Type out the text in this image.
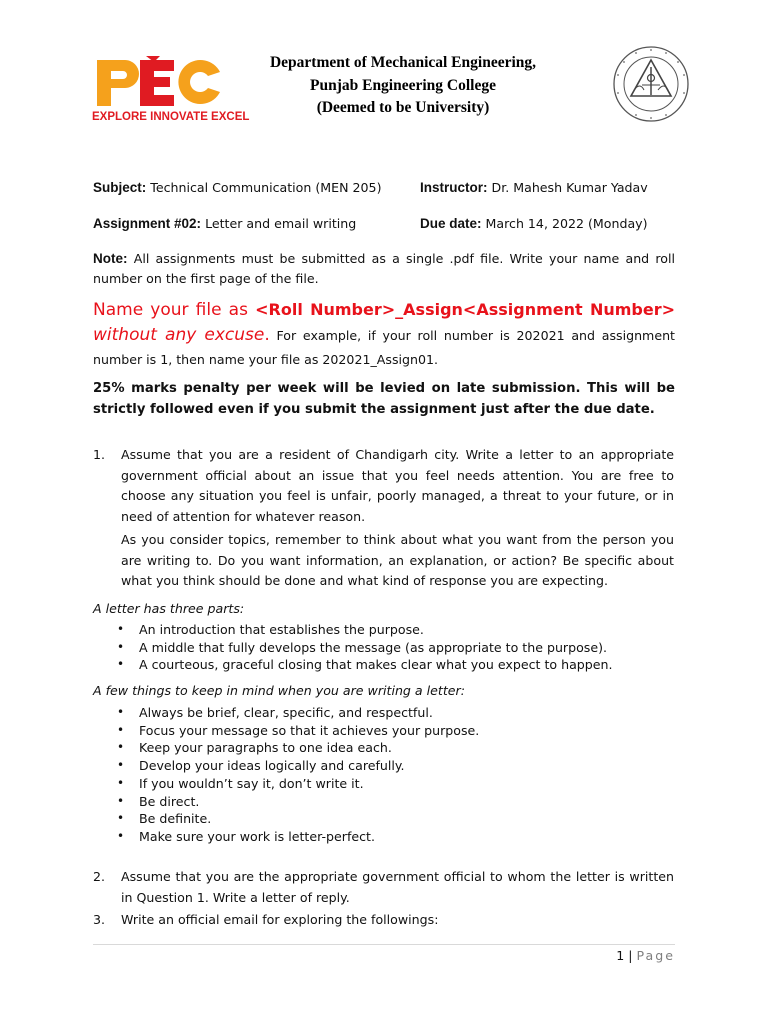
EXPLORE INNOVATE EXCEL
Department of Mechanical Engineering,
Punjab Engineering College
(Deemed to be University)
Subject: Technical Communication (MEN 205)	Instructor: Dr. Mahesh Kumar Yadav
Assignment #02: Letter and email writing	Due date: March 14, 2022 (Monday)
Note: All assignments must be submitted as a single .pdf file. Write your name and roll number on the first page of the file.
Name your file as <Roll Number>_Assign<Assignment Number> without any excuse. For example, if your roll number is 202021 and assignment number is 1, then name your file as 202021_Assign01.
25% marks penalty per week will be levied on late submission. This will be strictly followed even if you submit the assignment just after the due date.
1. Assume that you are a resident of Chandigarh city. Write a letter to an appropriate government official about an issue that you feel needs attention. You are free to choose any situation you feel is unfair, poorly managed, a threat to your future, or in need of attention for whatever reason.
As you consider topics, remember to think about what you want from the person you are writing to. Do you want information, an explanation, or action? Be specific about what you think should be done and what kind of response you are expecting.
A letter has three parts:
• An introduction that establishes the purpose.
• A middle that fully develops the message (as appropriate to the purpose).
• A courteous, graceful closing that makes clear what you expect to happen.
A few things to keep in mind when you are writing a letter:
• Always be brief, clear, specific, and respectful.
• Focus your message so that it achieves your purpose.
• Keep your paragraphs to one idea each.
• Develop your ideas logically and carefully.
• If you wouldn’t say it, don’t write it.
• Be direct.
• Be definite.
• Make sure your work is letter-perfect.
2. Assume that you are the appropriate government official to whom the letter is written in Question 1. Write a letter of reply.
3. Write an official email for exploring the followings:
1 | Page
